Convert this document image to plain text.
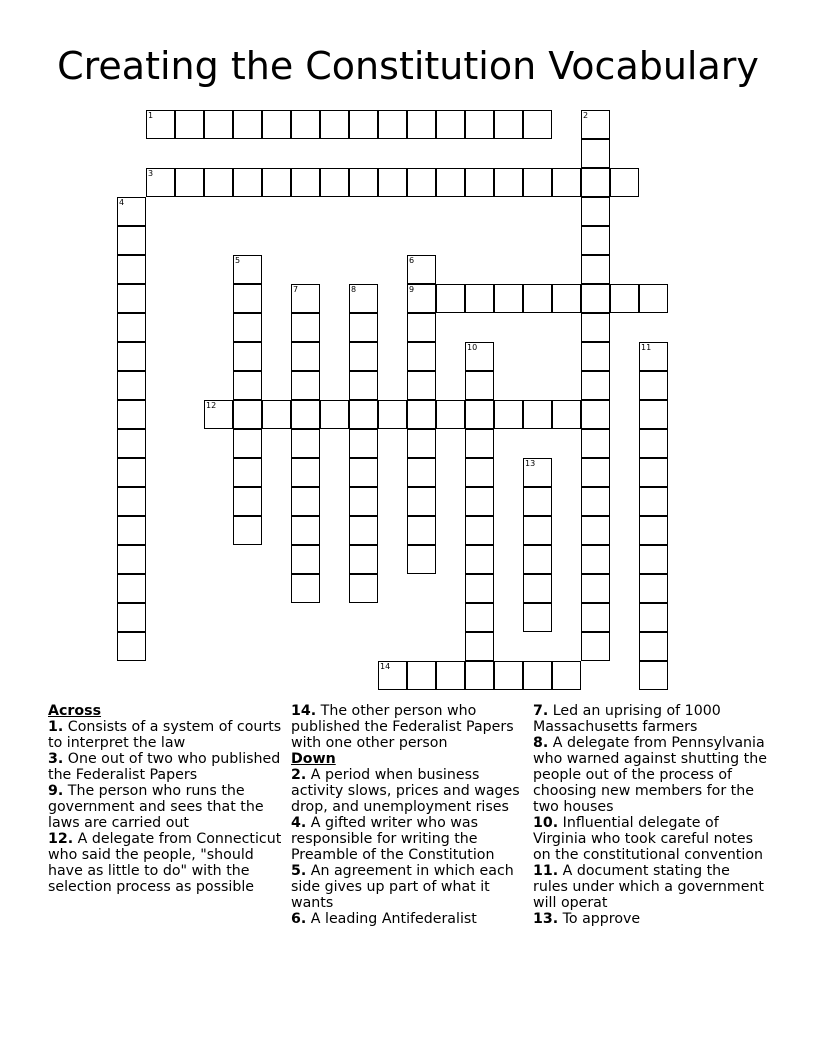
Creating the Constitution Vocabulary
1	2
3
4
5	6
9
7	8
10	11
12
13
14
Across
1. Consists of a system of courts to interpret the law
3. One out of two who published the Federalist Papers
9. The person who runs the government and sees that the laws are carried out
12. A delegate from Connecticut who said the people, "should have as little to do" with the selection process as possible
14. The other person who published the Federalist Papers with one other person
Down
2. A period when business activity slows, prices and wages drop, and unemployment rises
4. A gifted writer who was responsible for writing the Preamble of the Constitution
5. An agreement in which each side gives up part of what it wants
6. A leading Antifederalist
7. Led an uprising of 1000 Massachusetts farmers
8. A delegate from Pennsylvania who warned against shutting the people out of the process of choosing new members for the two houses
10. Influential delegate of Virginia who took careful notes on the constitutional convention
11. A document stating the rules under which a government will operat
13. To approve
